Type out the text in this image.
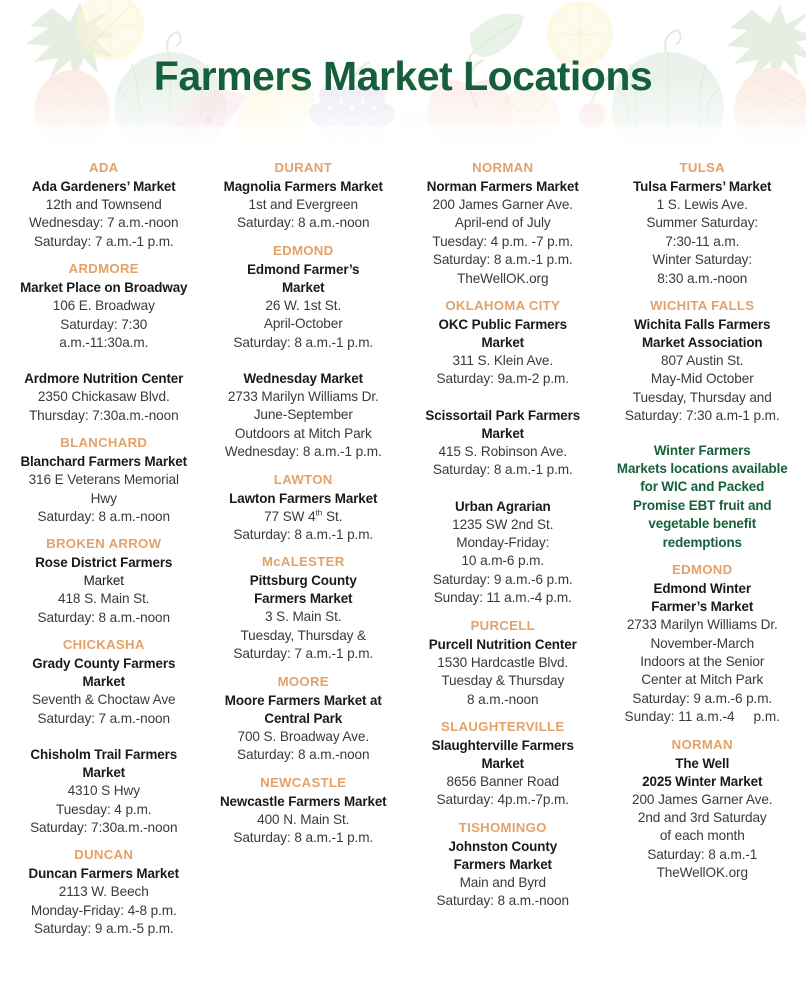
Farmers Market Locations
ADA
Ada Gardeners’ Market
12th and Townsend
Wednesday: 7 a.m.-noon
Saturday: 7 a.m.-1 p.m.
ARDMORE
Market Place on Broadway
106 E. Broadway
Saturday: 7:30
a.m.-11:30a.m.
Ardmore Nutrition Center
2350 Chickasaw Blvd.
Thursday: 7:30a.m.-noon
BLANCHARD
Blanchard Farmers Market
316 E Veterans Memorial
Hwy
Saturday: 8 a.m.-noon
BROKEN ARROW
Rose District Farmers
Market
418 S. Main St.
Saturday: 8 a.m.-noon
CHICKASHA
Grady County Farmers
Market
Seventh & Choctaw Ave
Saturday: 7 a.m.-noon
Chisholm Trail Farmers
Market
4310 S Hwy
Tuesday: 4 p.m.
Saturday: 7:30a.m.-noon
DUNCAN
Duncan Farmers Market
2113 W. Beech
Monday-Friday: 4-8 p.m.
Saturday: 9 a.m.-5 p.m.
DURANT
Magnolia Farmers Market
1st and Evergreen
Saturday: 8 a.m.-noon
EDMOND
Edmond Farmer’s
Market
26 W. 1st St.
April-October
Saturday: 8 a.m.-1 p.m.
Wednesday Market
2733 Marilyn Williams Dr.
June-September
Outdoors at Mitch Park
Wednesday: 8 a.m.-1 p.m.
LAWTON
Lawton Farmers Market
77 SW 4th St.
Saturday: 8 a.m.-1 p.m.
McALESTER
Pittsburg County
Farmers Market
3 S. Main St.
Tuesday, Thursday &
Saturday: 7 a.m.-1 p.m.
MOORE
Moore Farmers Market at
Central Park
700 S. Broadway Ave.
Saturday: 8 a.m.-noon
NEWCASTLE
Newcastle Farmers Market
400 N. Main St.
Saturday: 8 a.m.-1 p.m.
NORMAN
Norman Farmers Market
200 James Garner Ave.
April-end of July
Tuesday: 4 p.m. -7 p.m.
Saturday: 8 a.m.-1 p.m.
TheWellOK.org
OKLAHOMA CITY
OKC Public Farmers
Market
311 S. Klein Ave.
Saturday: 9a.m-2 p.m.
Scissortail Park Farmers
Market
415 S. Robinson Ave.
Saturday: 8 a.m.-1 p.m.
Urban Agrarian
1235 SW 2nd St.
Monday-Friday:
10 a.m-6 p.m.
Saturday: 9 a.m.-6 p.m.
Sunday: 11 a.m.-4 p.m.
PURCELL
Purcell Nutrition Center
1530 Hardcastle Blvd.
Tuesday & Thursday
8 a.m.-noon
SLAUGHTERVILLE
Slaughterville Farmers
Market
8656 Banner Road
Saturday: 4p.m.-7p.m.
TISHOMINGO
Johnston County
Farmers Market
Main and Byrd
Saturday: 8 a.m.-noon
TULSA
Tulsa Farmers’ Market
1 S. Lewis Ave.
Summer Saturday:
7:30-11 a.m.
Winter Saturday:
8:30 a.m.-noon
WICHITA FALLS
Wichita Falls Farmers
Market Association
807 Austin St.
May-Mid October
Tuesday, Thursday and
Saturday: 7:30 a.m-1 p.m.
Winter Farmers
Markets locations available
for WIC and Packed
Promise EBT fruit and
vegetable benefit
redemptions
EDMOND
Edmond Winter
Farmer’s Market
2733 Marilyn Williams Dr.
November-March
Indoors at the Senior
Center at Mitch Park
Saturday: 9 a.m.-6 p.m.
Sunday: 11 a.m.-4     p.m.
NORMAN
The Well
2025 Winter Market
200 James Garner Ave.
2nd and 3rd Saturday
of each month
Saturday: 8 a.m.-1
TheWellOK.org
